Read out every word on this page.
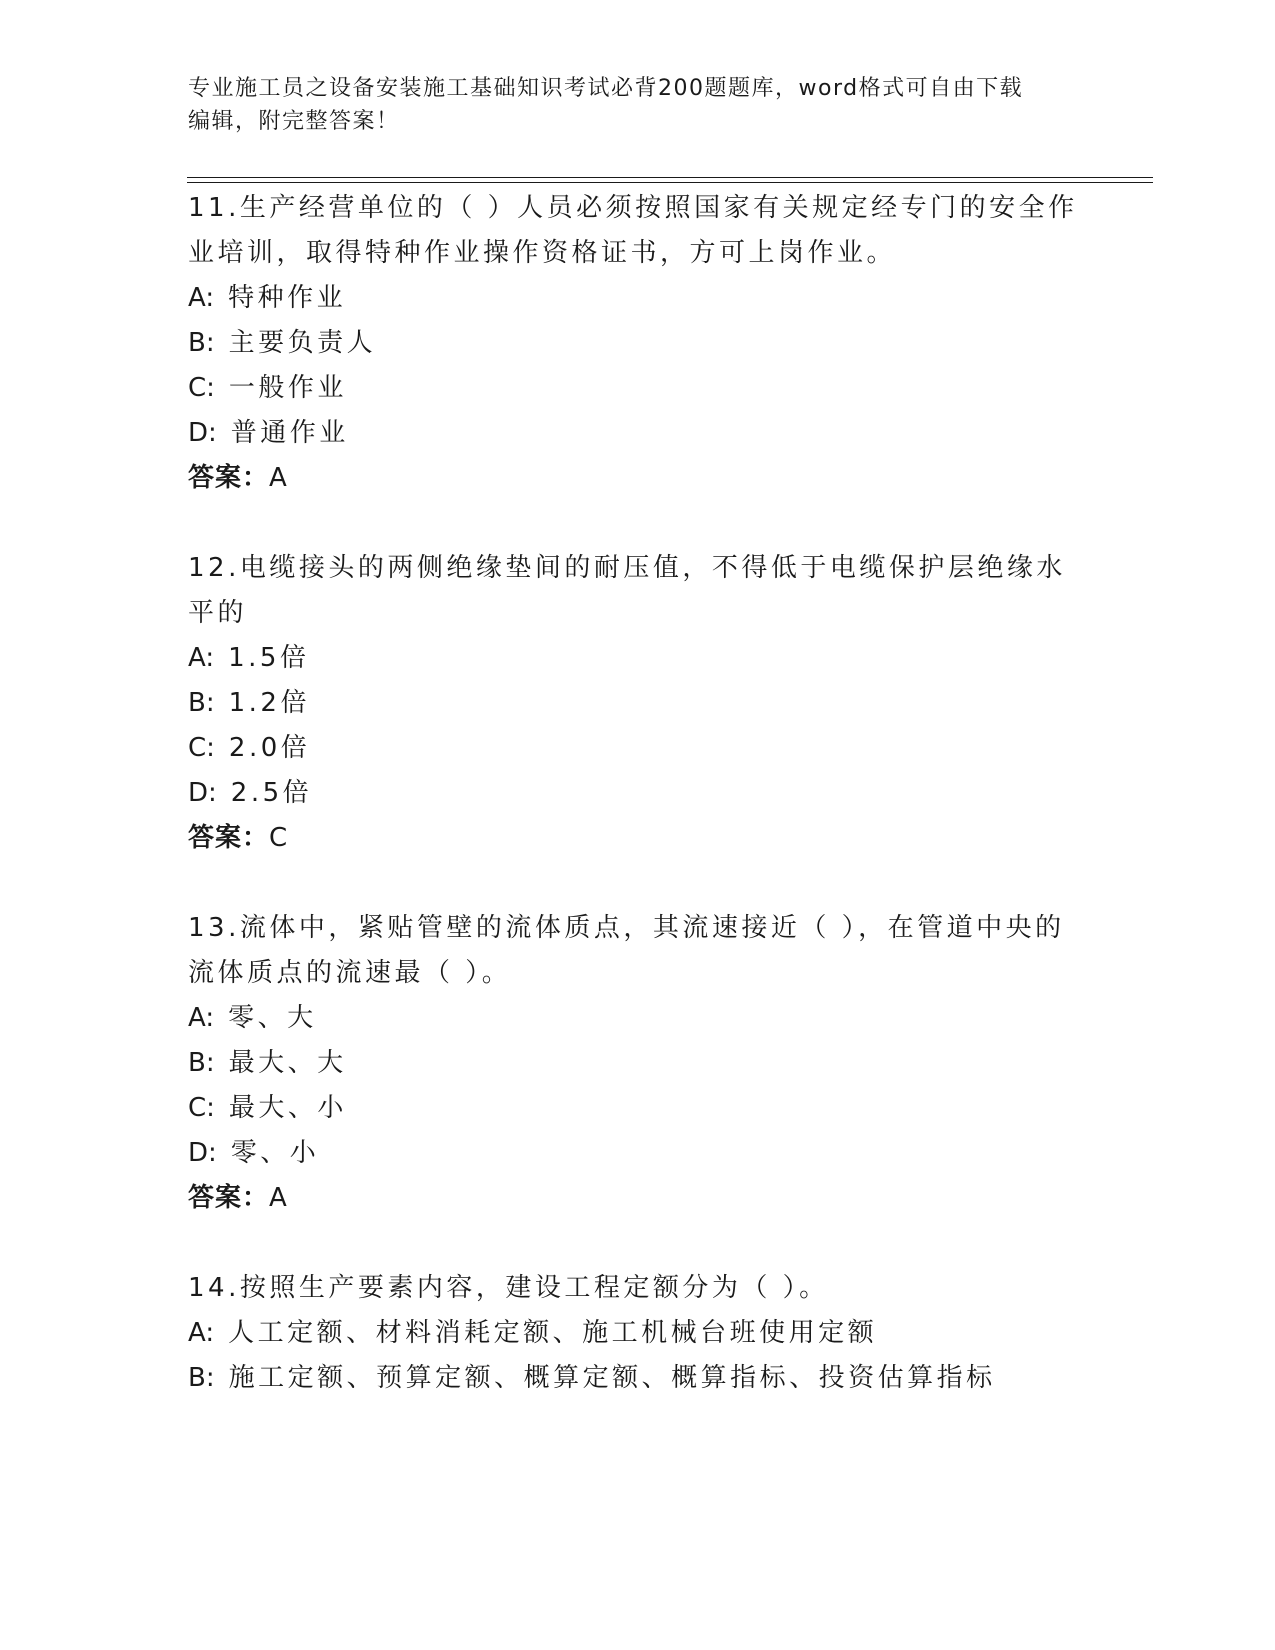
专业施工员之设备安装施工基础知识考试必背200题题库，word格式可自由下载
编辑，附完整答案！

11.生产经营单位的（ ）人员必须按照国家有关规定经专门的安全作业培训，取得特种作业操作资格证书，方可上岗作业。

A: 特种作业
B: 主要负责人
C: 一般作业
D: 普通作业
答案：A

12.电缆接头的两侧绝缘垫间的耐压值，不得低于电缆保护层绝缘水平的

A: 1.5倍
B: 1.2倍
C: 2.0倍
D: 2.5倍
答案：C

13.流体中，紧贴管壁的流体质点，其流速接近（ ），在管道中央的流体质点的流速最（ ）。

A: 零、大
B: 最大、大
C: 最大、小
D: 零、小
答案：A

14.按照生产要素内容，建设工程定额分为（ ）。

A: 人工定额、材料消耗定额、施工机械台班使用定额
B: 施工定额、预算定额、概算定额、概算指标、投资估算指标
